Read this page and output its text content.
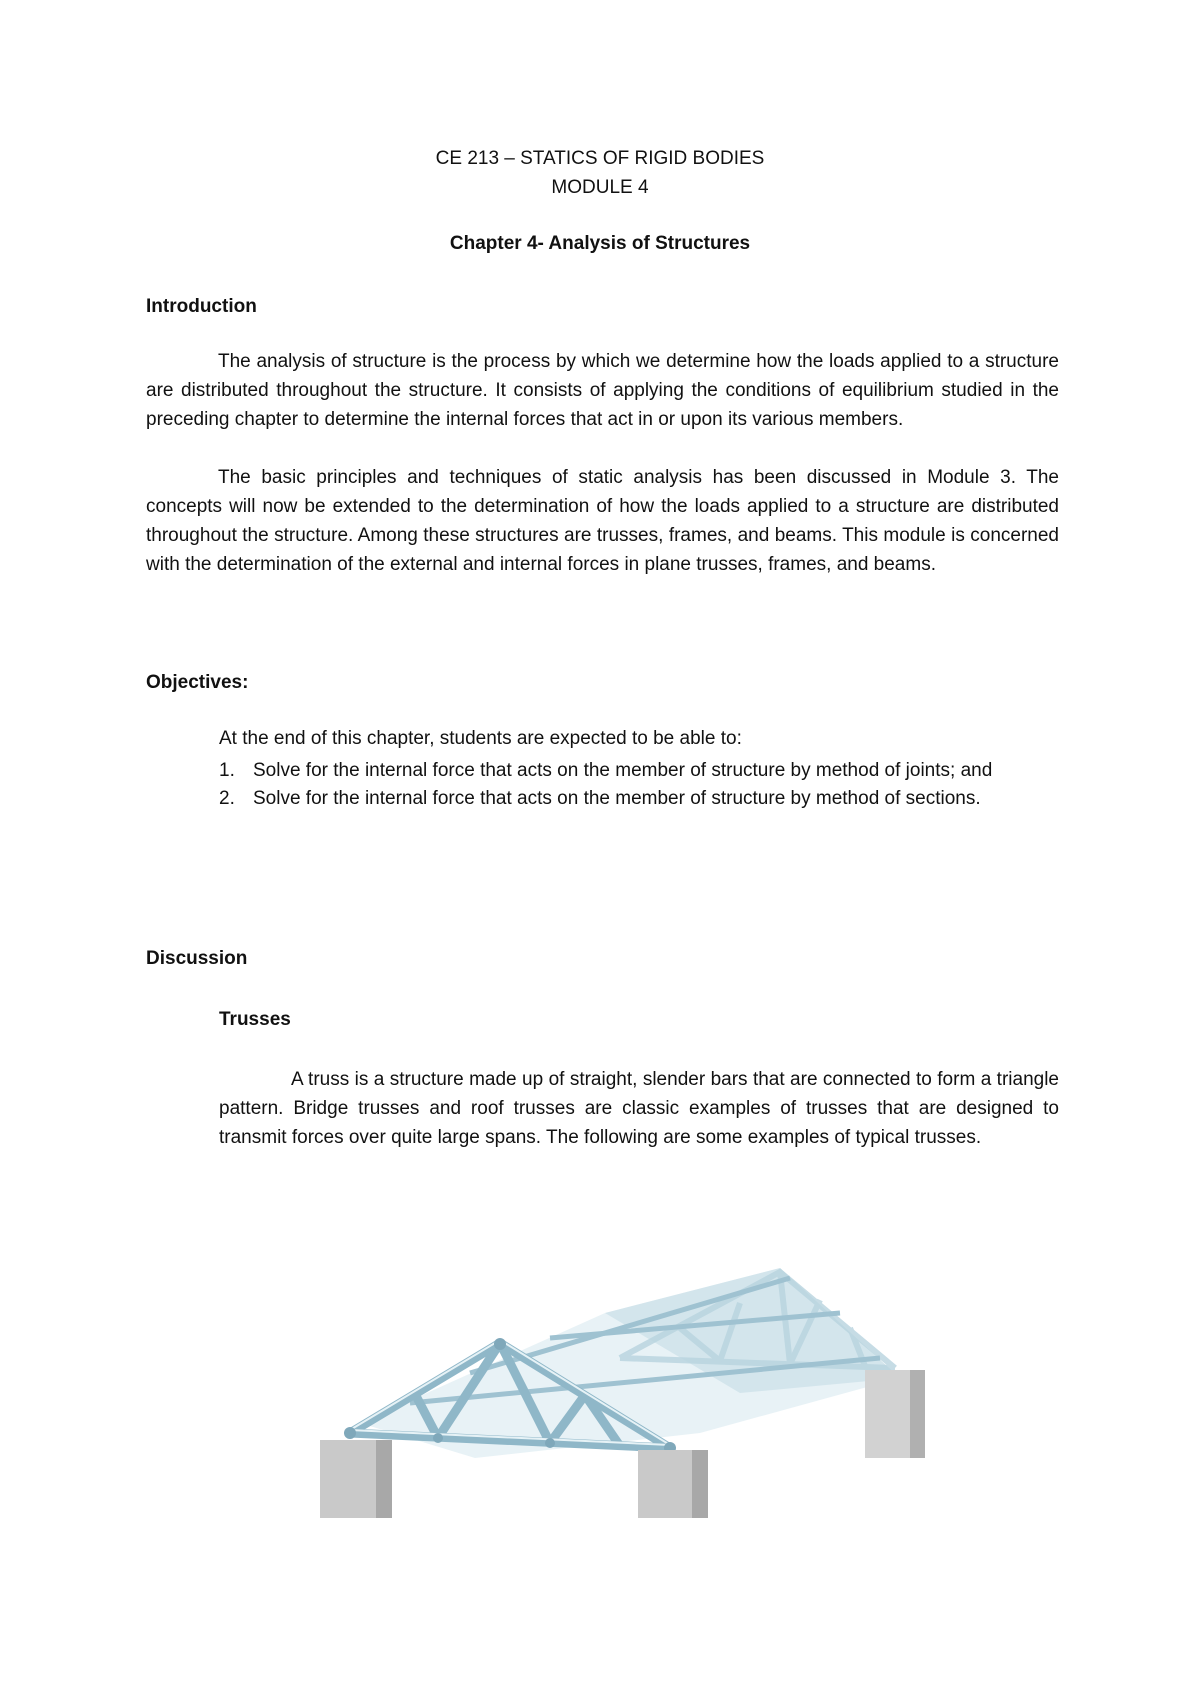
CE 213 – STATICS OF RIGID BODIES
MODULE 4
Chapter 4- Analysis of Structures
Introduction

The analysis of structure is the process by which we determine how the loads applied to a structure are distributed throughout the structure. It consists of applying the conditions of equilibrium studied in the preceding chapter to determine the internal forces that act in or upon its various members.

The basic principles and techniques of static analysis has been discussed in Module 3. The concepts will now be extended to the determination of how the loads applied to a structure are distributed throughout the structure. Among these structures are trusses, frames, and beams. This module is concerned with the determination of the external and internal forces in plane trusses, frames, and beams.

Objectives:
At the end of this chapter, students are expected to be able to:
1. Solve for the internal force that acts on the member of structure by method of joints; and
2. Solve for the internal force that acts on the member of structure by method of sections.
Discussion
Trusses

A truss is a structure made up of straight, slender bars that are connected to form a triangle pattern. Bridge trusses and roof trusses are classic examples of trusses that are designed to transmit forces over quite large spans. The following are some examples of typical trusses.
